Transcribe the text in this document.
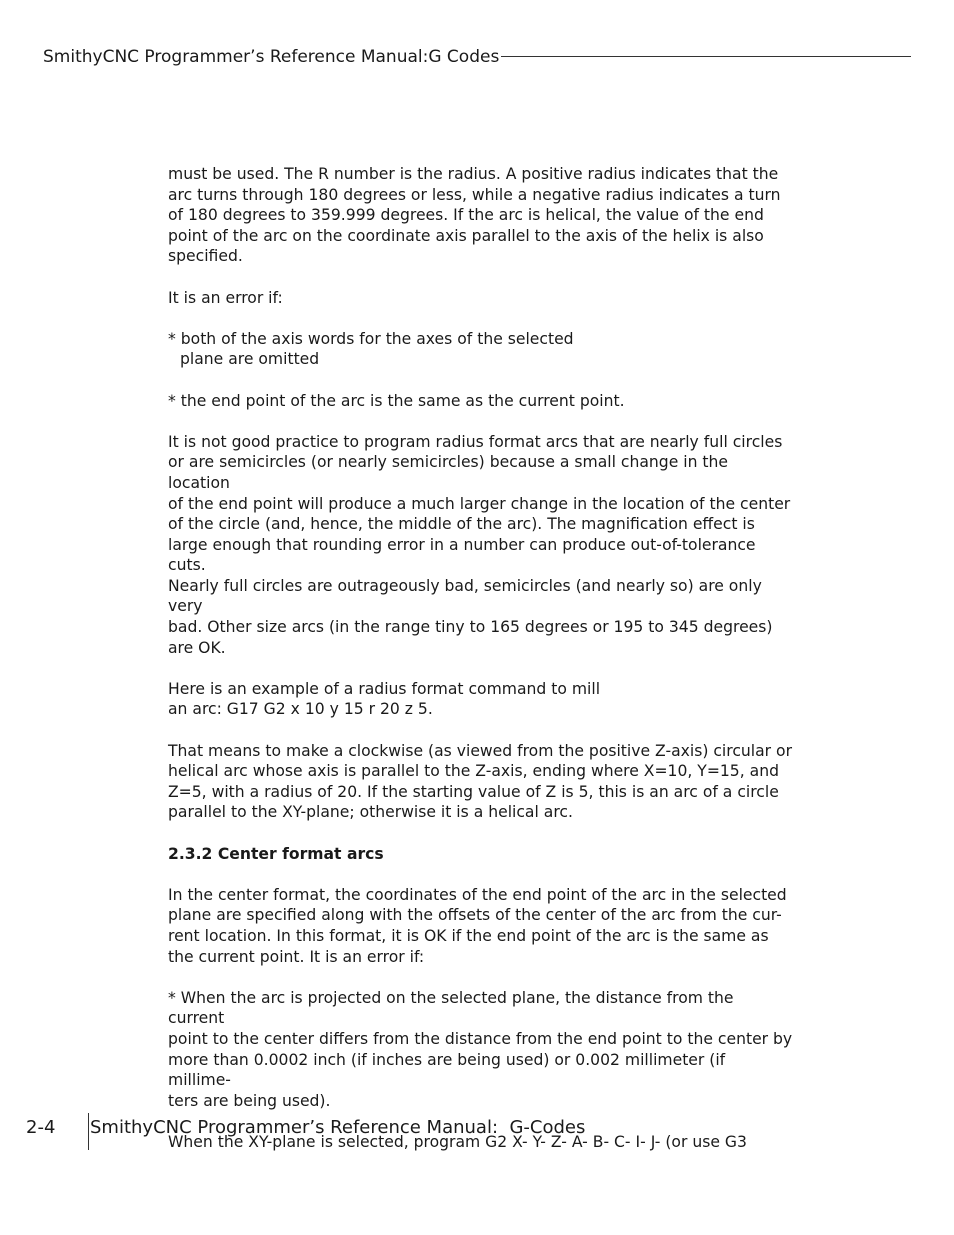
SmithyCNC Programmer’s Reference Manual:G Codes

must be used. The R number is the radius. A positive radius indicates that the
arc turns through 180 degrees or less, while a negative radius indicates a turn
of 180 degrees to 359.999 degrees. If the arc is helical, the value of the end
point of the arc on the coordinate axis parallel to the axis of the helix is also
specified.

It is an error if:

* both of the axis words for the axes of the selected

plane are omitted

* the end point of the arc is the same as the current point.

It is not good practice to program radius format arcs that are nearly full circles
or are semicircles (or nearly semicircles) because a small change in the location
of the end point will produce a much larger change in the location of the center
of the circle (and, hence, the middle of the arc). The magnification effect is
large enough that rounding error in a number can produce out-of-tolerance cuts.
Nearly full circles are outrageously bad, semicircles (and nearly so) are only very
bad. Other size arcs (in the range tiny to 165 degrees or 195 to 345 degrees)
are OK.

Here is an example of a radius format command to mill
an arc: G17 G2 x 10 y 15 r 20 z 5.

That means to make a clockwise (as viewed from the positive Z-axis) circular or
helical arc whose axis is parallel to the Z-axis, ending where X=10, Y=15, and
Z=5, with a radius of 20. If the starting value of Z is 5, this is an arc of a circle
parallel to the XY-plane; otherwise it is a helical arc.

2.3.2 Center format arcs

In the center format, the coordinates of the end point of the arc in the selected
plane are specified along with the offsets of the center of the arc from the cur-
rent location. In this format, it is OK if the end point of the arc is the same as
the current point. It is an error if:

* When the arc is projected on the selected plane, the distance from the current
point to the center differs from the distance from the end point to the center by
more than 0.0002 inch (if inches are being used) or 0.002 millimeter (if millime-
ters are being used).

When the XY-plane is selected, program G2 X- Y- Z- A- B- C- I- J- (or use G3

2-4 SmithyCNC Programmer’s Reference Manual:  G-Codes
